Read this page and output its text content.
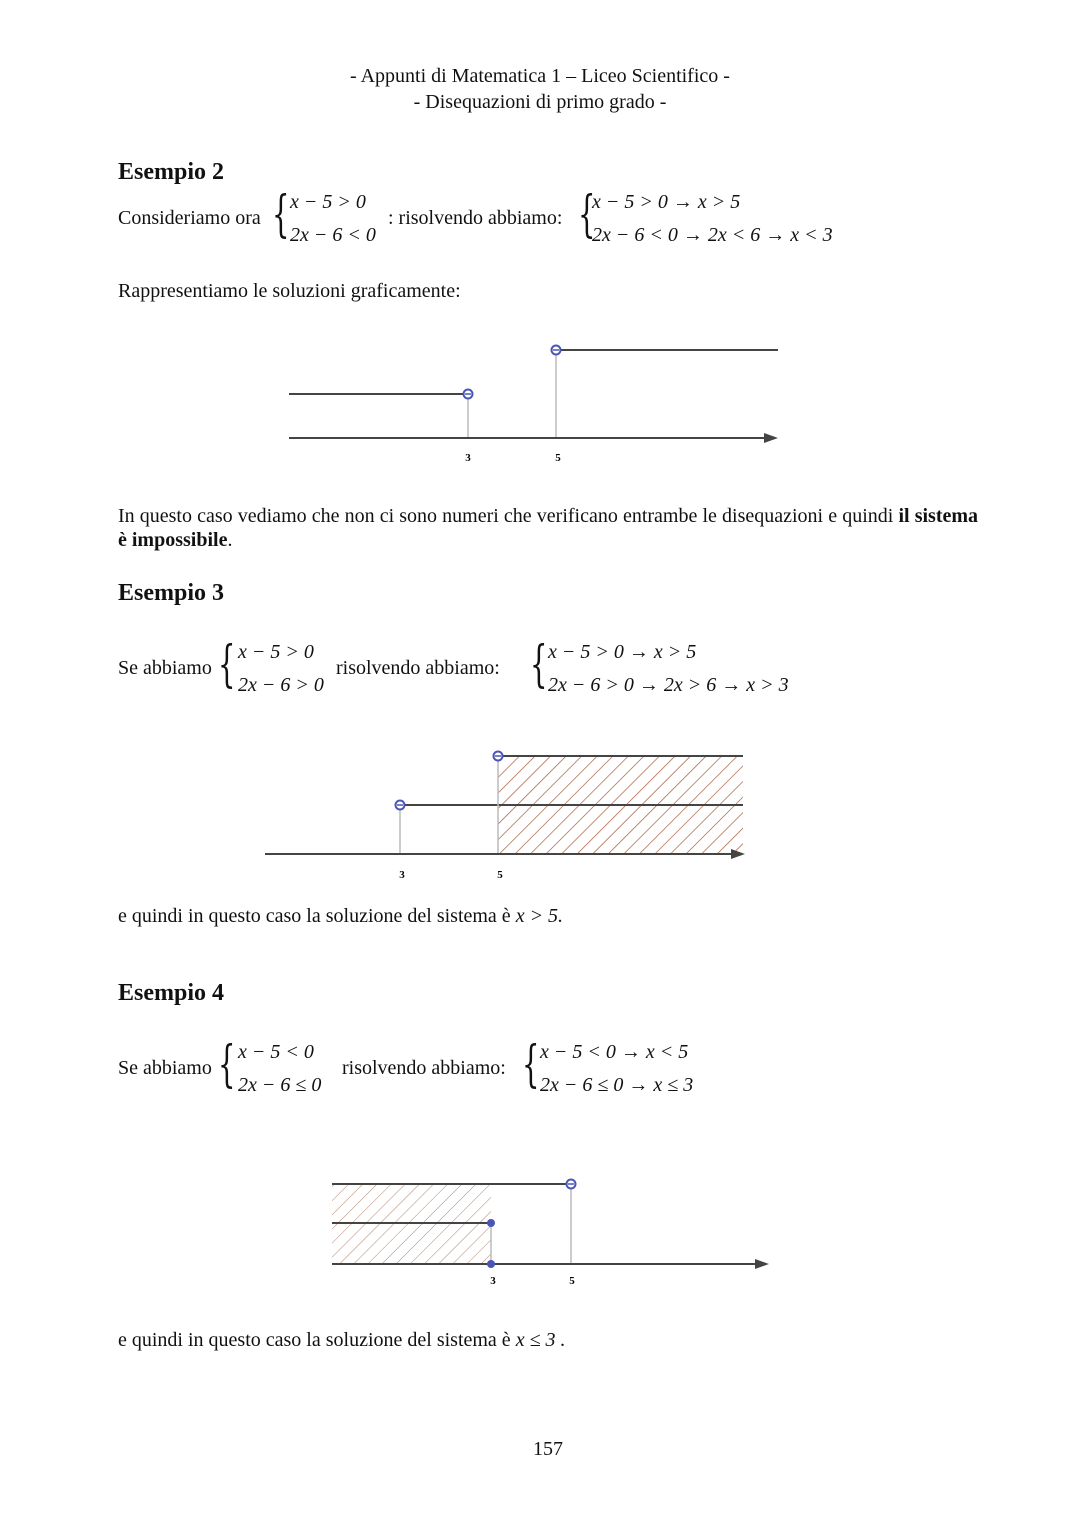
- Appunti di Matematica 1 – Liceo Scientifico -
- Disequazioni di primo grado -
Esempio 2
Consideriamo ora { x − 5 > 0
2x − 6 < 0
: risolvendo abbiamo: {
x − 5 > 0 → x > 5
2x − 6 < 0 → 2x < 6 → x < 3
Rappresentiamo le soluzioni graficamente:
3	5
In questo caso vediamo che non ci sono numeri che verificano entrambe le disequazioni e quindi il sistema è impossibile.
Esempio 3
Se abbiamo { x − 5 > 0
2x − 6 > 0
risolvendo abbiamo: { x − 5 > 0 → x > 5
2x − 6 > 0 → 2x > 6 → x > 3
3	5
e quindi in questo caso la soluzione del sistema è x > 5.
Esempio 4
Se abbiamo { x − 5 < 0
2x − 6 ≤ 0
risolvendo abbiamo: { x − 5 < 0 → x < 5
2x − 6 ≤ 0 → x ≤ 3
3	5
e quindi in questo caso la soluzione del sistema è x ≤ 3 .
157
